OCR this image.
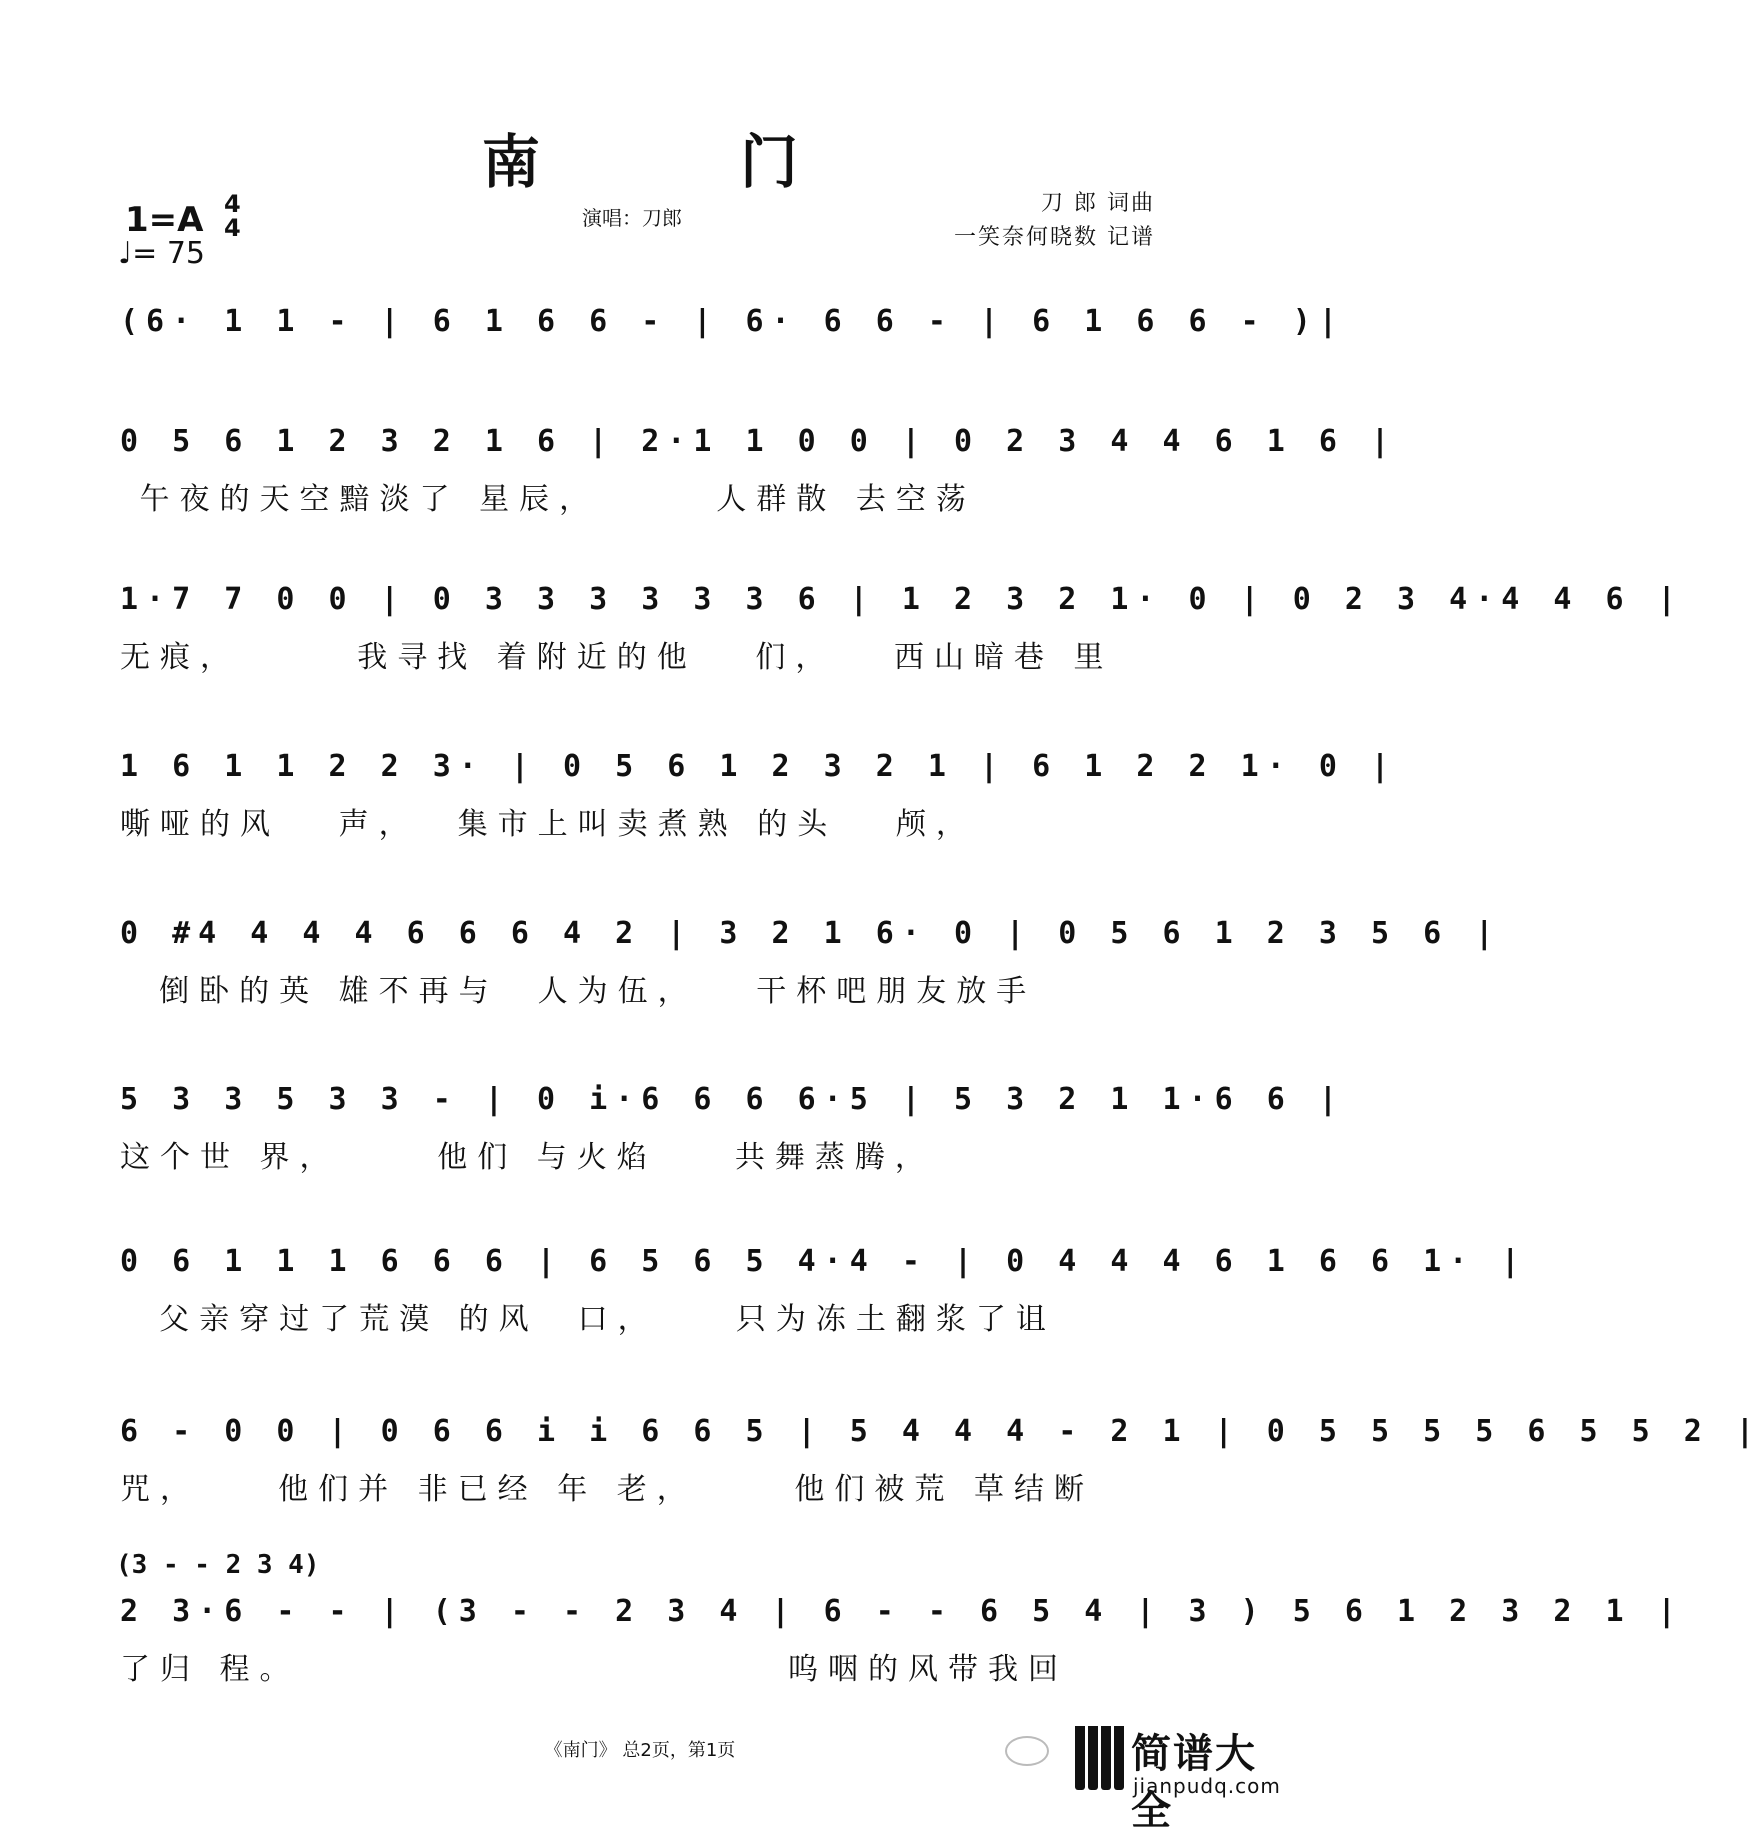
南 门
1=A 4
4
♩= 75
演唱：刀郎
刀 郎 词曲
一笑奈何晓数 记谱
(6· 1 1 - | 6 1 6 6 - | 6· 6 6 - | 6 1 6 6 - )|
0 5 6 1 2 3 2 1 6 | 2·1 1 0 0 | 0 2 3 4 4 6 1 6 |
午夜的天空黯淡了 星辰，      人群散 去空荡
1·7 7 0 0 | 0 3 3 3 3 3 3 6 | 1 2 3 2 1· 0 | 0 2 3 4·4 4 6 |
无痕，      我寻找 着附近的他   们，   西山暗巷 里
1 6 1 1 2 2 3· | 0 5 6 1 2 3 2 1 | 6 1 2 2 1· 0 |
嘶哑的风   声，  集市上叫卖煮熟 的头   颅，
0 #4 4 4 4 6 6 6 4 2 | 3 2 1 6· 0 | 0 5 6 1 2 3 5 6 |
倒卧的英 雄不再与  人为伍，   干杯吧朋友放手
5 3 3 5 3 3 - | 0 i·6 6 6 6·5 | 5 3 2 1 1·6 6 |
这个世 界，     他们 与火焰    共舞蒸腾，
0 6 1 1 1 6 6 6 | 6 5 6 5 4·4 - | 0 4 4 4 6 1 6 6 1· |
父亲穿过了荒漠 的风  口，    只为冻土翻浆了诅
6 - 0 0 | 0 6 6 i i 6 6 5 | 5 4 4 4 - 2 1 | 0 5 5 5 5 6 5 5 2 |
咒，    他们并 非已经 年 老，     他们被荒 草结断
(3 - - 2 3 4)
2 3·6 - - | (3 - - 2 3 4 | 6 - - 6 5 4 | 3 ) 5 6 1 2 3 2 1 |
了归 程。                         呜咽的风带我回
《南门》 总2页，第1页	简谱大全
jianpudq.com
